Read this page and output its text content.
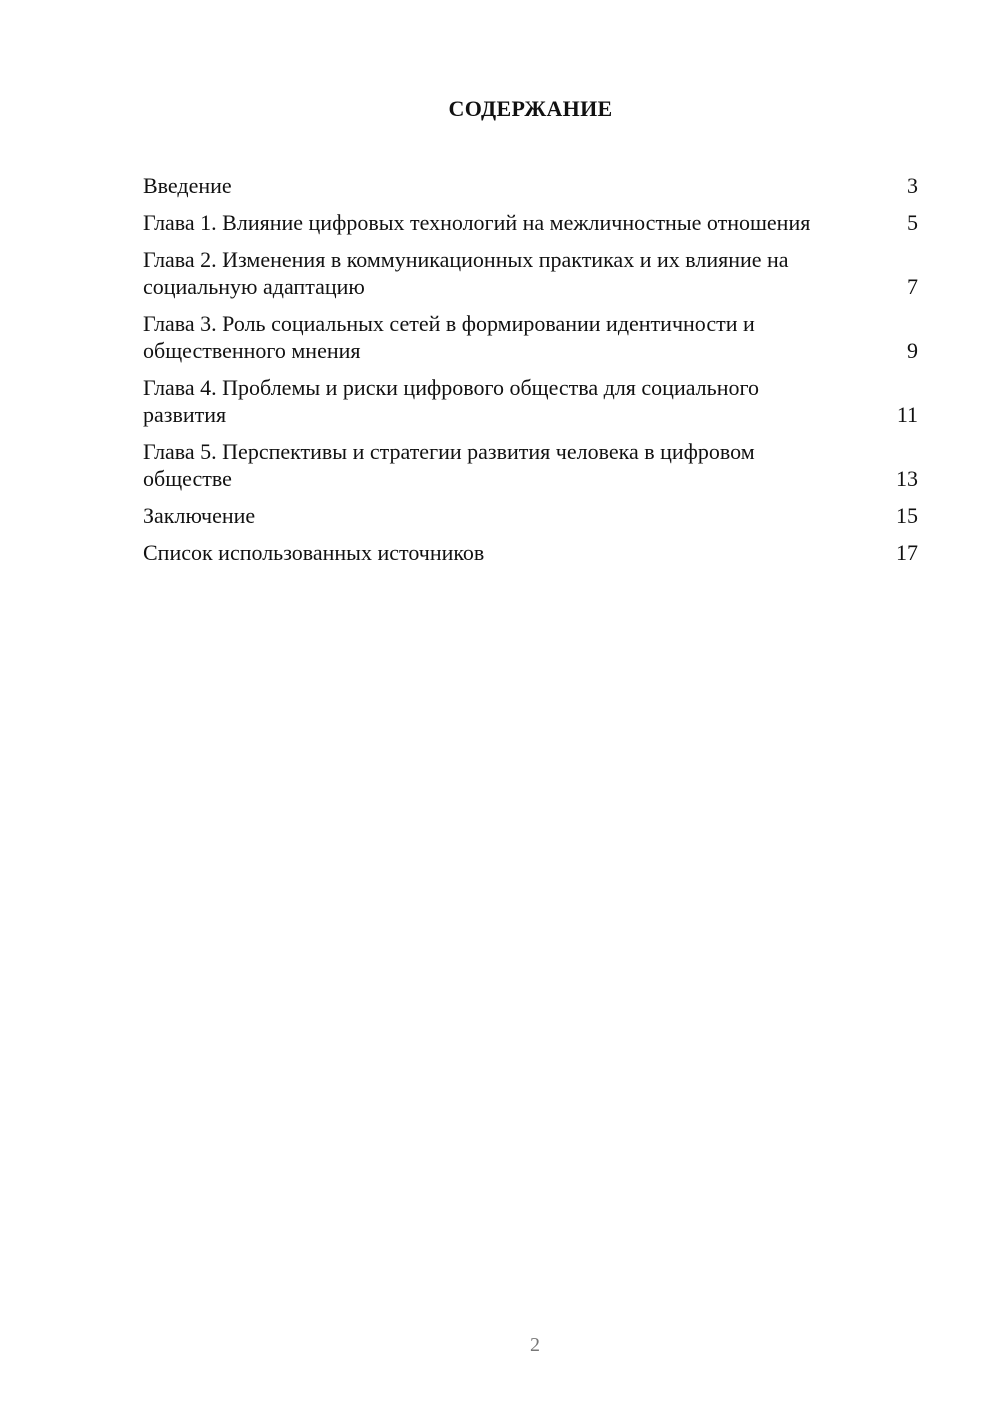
СОДЕРЖАНИЕ
Введение	3
Глава 1. Влияние цифровых технологий на межличностные отношения	5
Глава 2. Изменения в коммуникационных практиках и их влияние на социальную адаптацию	7
Глава 3. Роль социальных сетей в формировании идентичности и общественного мнения	9
Глава 4. Проблемы и риски цифрового общества для социального развития	11
Глава 5. Перспективы и стратегии развития человека в цифровом обществе	13
Заключение	15
Список использованных источников	17
2
